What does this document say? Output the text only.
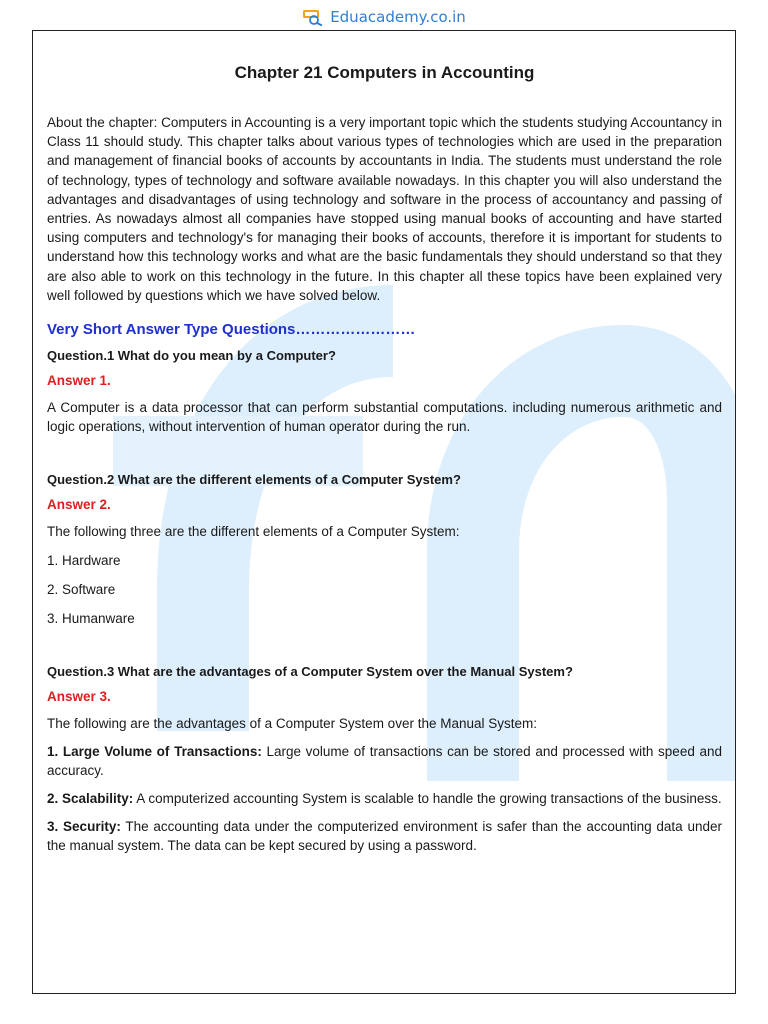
Eduacademy.co.in
Chapter 21 Computers in Accounting

About the chapter: Computers in Accounting is a very important topic which the students studying Accountancy in Class 11 should study. This chapter talks about various types of technologies which are used in the preparation and management of financial books of accounts by accountants in India. The students must understand the role of technology, types of technology and software available nowadays. In this chapter you will also understand the advantages and disadvantages of using technology and software in the process of accountancy and passing of entries. As nowadays almost all companies have stopped using manual books of accounting and have started using computers and technology's for managing their books of accounts, therefore it is important for students to understand how this technology works and what are the basic fundamentals they should understand so that they are also able to work on this technology in the future. In this chapter all these topics have been explained very well followed by questions which we have solved below.

Very Short Answer Type Questions……………………

Question.1 What do you mean by a Computer?

Answer 1.

A Computer is a data processor that can perform substantial computations. including numerous arithmetic and logic operations, without intervention of human operator during the run.

Question.2 What are the different elements of a Computer System?

Answer 2.

The following three are the different elements of a Computer System:

1. Hardware

2. Software

3. Humanware

Question.3 What are the advantages of a Computer System over the Manual System?

Answer 3.

The following are the advantages of a Computer System over the Manual System:

1. Large Volume of Transactions: Large volume of transactions can be stored and processed with speed and accuracy.

2. Scalability: A computerized accounting System is scalable to handle the growing transactions of the business.

3. Security: The accounting data under the computerized environment is safer than the accounting data under the manual system. The data can be kept secured by using a password.
